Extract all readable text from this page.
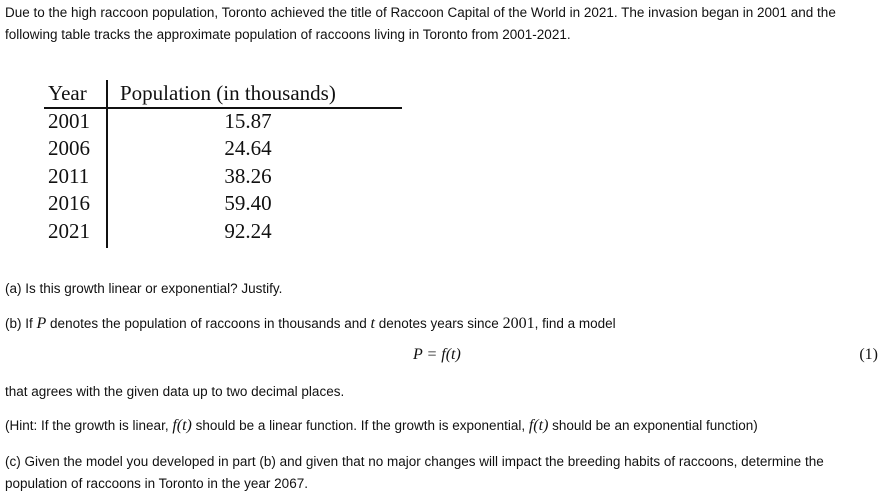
Due to the high raccoon population, Toronto achieved the title of Raccoon Capital of the World in 2021. The invasion began in 2001 and the following table tracks the approximate population of raccoons living in Toronto from 2001-2021.
Year	Population (in thousands)
2001	15.87
2006	24.64
2011	38.26
2016	59.40
2021	92.24
(a) Is this growth linear or exponential? Justify.
(b) If P denotes the population of raccoons in thousands and t denotes years since 2001, find a model
P = f(t)	(1)
that agrees with the given data up to two decimal places.
(Hint: If the growth is linear, f(t) should be a linear function. If the growth is exponential, f(t) should be an exponential function)
(c) Given the model you developed in part (b) and given that no major changes will impact the breeding habits of raccoons, determine the population of raccoons in Toronto in the year 2067.
